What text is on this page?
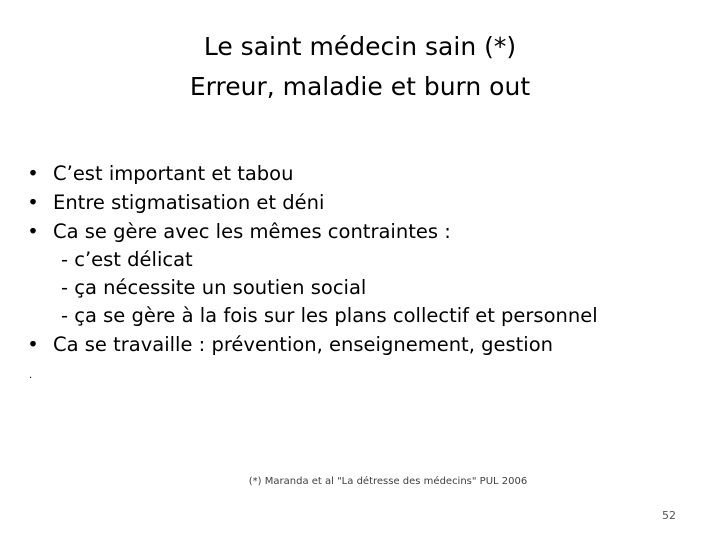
Le saint médecin sain (*)
Erreur, maladie et burn out
• C’est important et tabou
• Entre stigmatisation et déni
• Ca se gère avec les mêmes contraintes :
- c’est délicat
- ça nécessite un soutien social
- ça se gère à la fois sur les plans collectif et personnel
• Ca se travaille : prévention, enseignement, gestion
.
(*) Maranda et al "La détresse des médecins" PUL 2006
52
